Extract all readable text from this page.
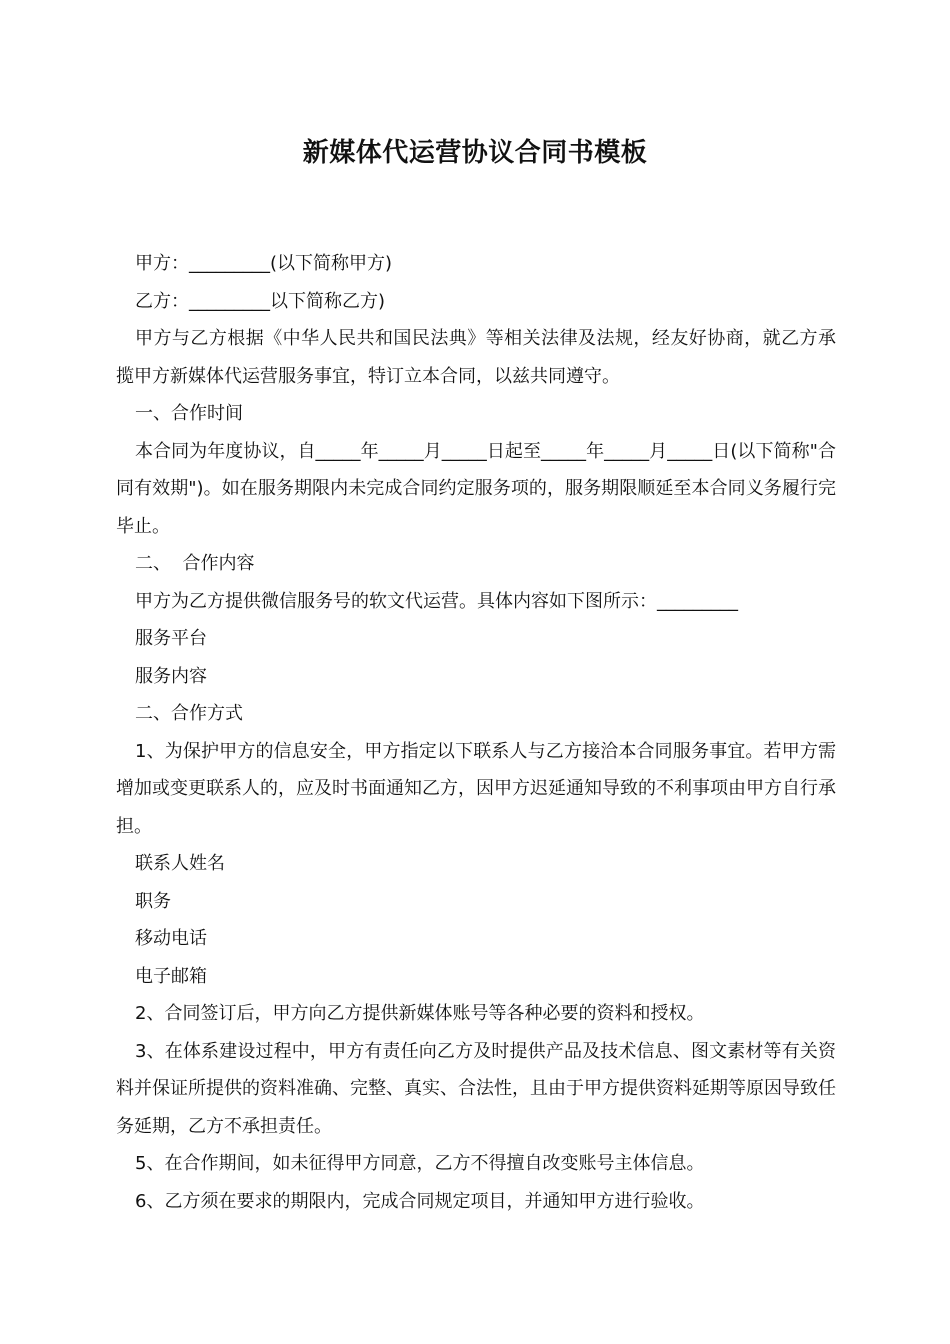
新媒体代运营协议合同书模板

甲方：_________(以下简称甲方)

乙方：_________以下简称乙方)

甲方与乙方根据《中华人民共和国民法典》等相关法律及法规，经友好协商，就乙方承揽甲方新媒体代运营服务事宜，特订立本合同，以兹共同遵守。

一、合作时间

本合同为年度协议，自_____年_____月_____日起至_____年_____月_____日(以下简称"合同有效期")。如在服务期限内未完成合同约定服务项的，服务期限顺延至本合同义务履行完毕止。

二、  合作内容

甲方为乙方提供微信服务号的软文代运营。具体内容如下图所示：_________

服务平台

服务内容

二、合作方式

1、为保护甲方的信息安全，甲方指定以下联系人与乙方接洽本合同服务事宜。若甲方需增加或变更联系人的，应及时书面通知乙方，因甲方迟延通知导致的不利事项由甲方自行承担。

联系人姓名

职务

移动电话

电子邮箱

2、合同签订后，甲方向乙方提供新媒体账号等各种必要的资料和授权。

3、在体系建设过程中，甲方有责任向乙方及时提供产品及技术信息、图文素材等有关资料并保证所提供的资料准确、完整、真实、合法性，且由于甲方提供资料延期等原因导致任务延期，乙方不承担责任。

5、在合作期间，如未征得甲方同意，乙方不得擅自改变账号主体信息。

6、乙方须在要求的期限内，完成合同规定项目，并通知甲方进行验收。
